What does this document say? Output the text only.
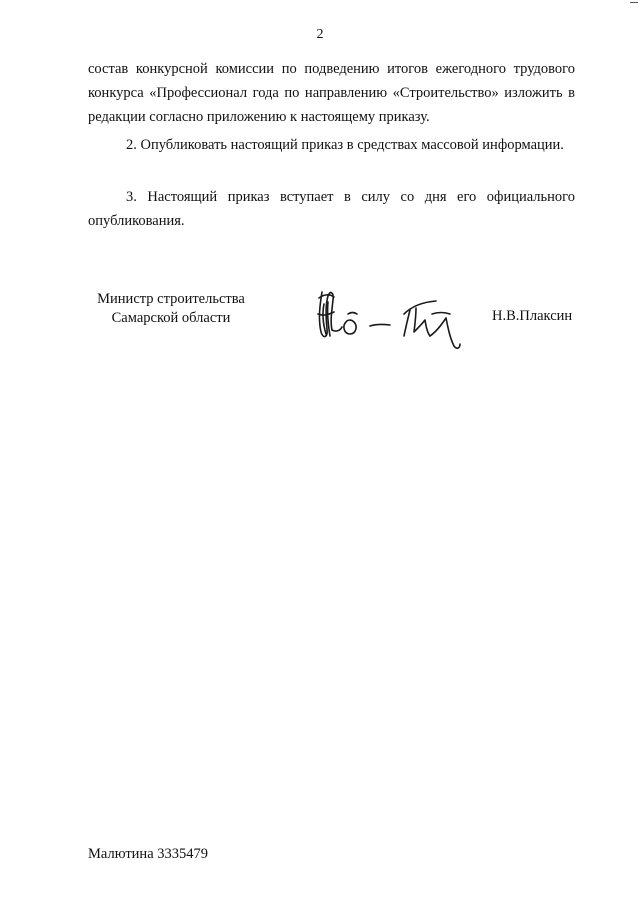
2

состав конкурсной комиссии по подведению итогов ежегодного трудового конкурса «Профессионал года по направлению «Строительство» изложить в редакции согласно приложению к настоящему приказу.

2. Опубликовать настоящий приказ в средствах массовой информации.

3. Настоящий приказ вступает в силу со дня его официального опубликования.

Министр строительства
Самарской области	Н.В.Плаксин
Малютина 3335479
